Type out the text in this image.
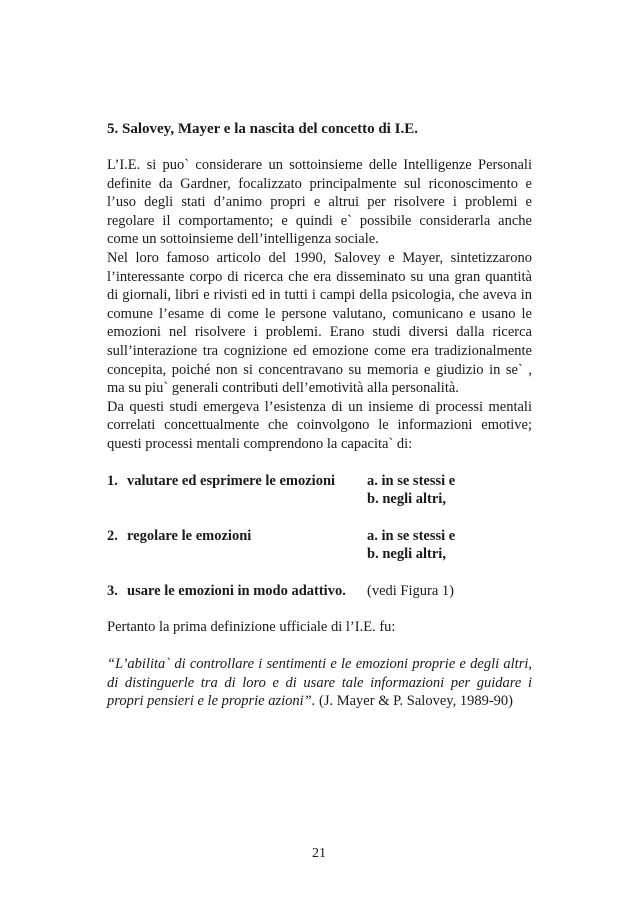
5. Salovey, Mayer e la nascita del concetto di I.E.

L’I.E. si puo` considerare un sottoinsieme delle Intelligenze Personali definite da Gardner, focalizzato principalmente sul riconoscimento e l’uso degli stati d’animo propri e altrui per risolvere i problemi e regolare il comportamento; e quindi e` possibile considerarla anche come un sottoinsieme dell’intelligenza sociale.

Nel loro famoso articolo del 1990, Salovey e Mayer, sintetizzarono l’interessante corpo di ricerca che era disseminato su una gran quantità di giornali, libri e rivisti ed in tutti i campi della psicologia, che aveva in comune l’esame di come le persone valutano, comunicano e usano le emozioni nel risolvere i problemi. Erano studi diversi dalla ricerca sull’interazione tra cognizione ed emozione come era tradizionalmente concepita, poiché non si concentravano su memoria e giudizio in se` , ma su piu` generali contributi dell’emotività alla personalità.

Da questi studi emergeva l’esistenza di un insieme di processi mentali correlati concettualmente che coinvolgono le informazioni emotive; questi processi mentali comprendono la capacita` di:

1. valutare ed esprimere le emozioni	a. in se stessi e
b. negli altri,
2. regolare le emozioni	a. in se stessi e
b. negli altri,
3. usare le emozioni in modo adattivo.	(vedi Figura 1)

Pertanto la prima definizione ufficiale di l’I.E. fu:

“L’abilita` di controllare i sentimenti e le emozioni proprie e degli altri, di distinguerle tra di loro e di usare tale informazioni per guidare i propri pensieri e le proprie azioni”. (J. Mayer & P. Salovey, 1989-90)

21
